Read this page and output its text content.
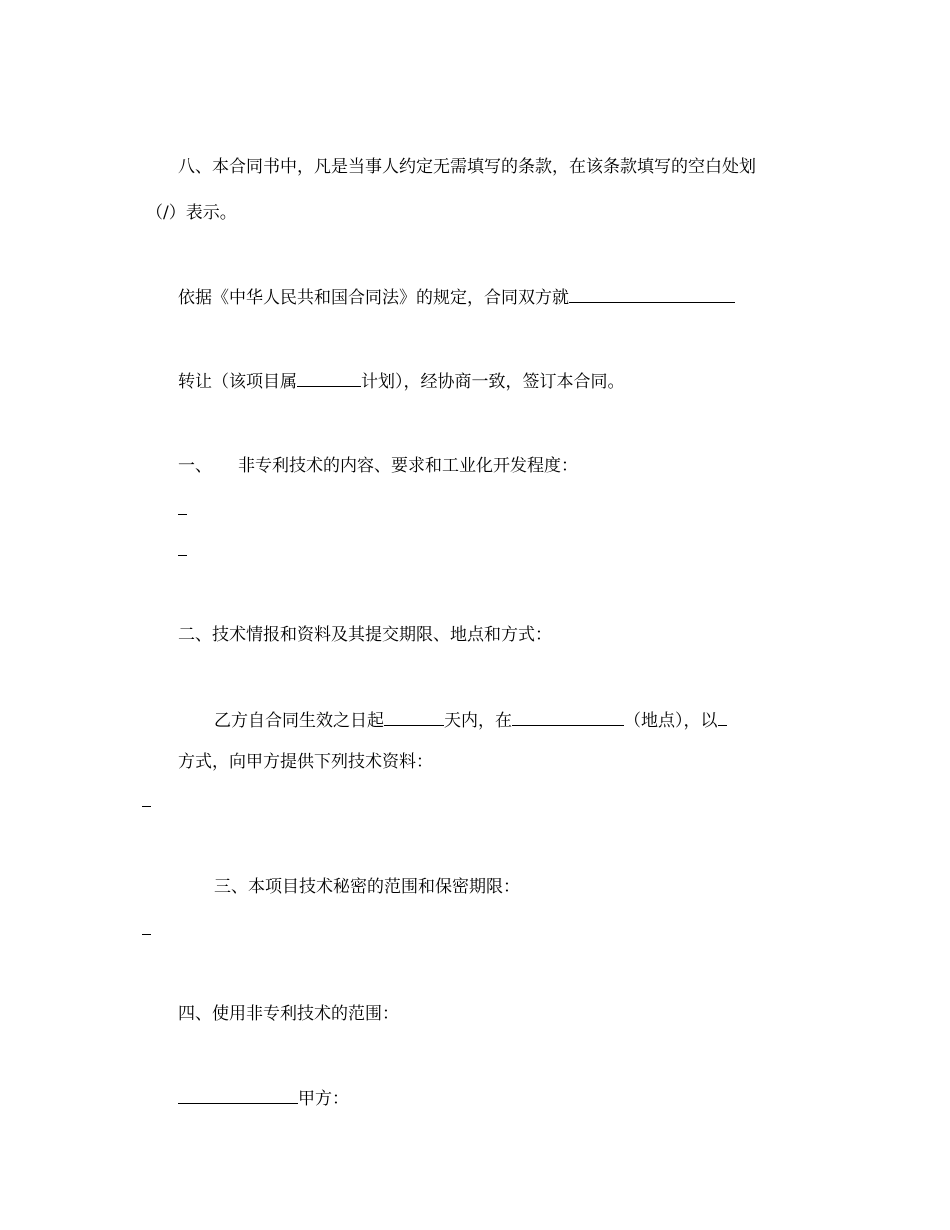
八、本合同书中，凡是当事人约定无需填写的条款，在该条款填写的空白处划
（/）表示。
依据《中华人民共和国合同法》的规定，合同双方就
转让（该项目属	计划），经协商一致，签订本合同。
一、 非专利技术的内容、要求和工业化开发程度：
二、技术情报和资料及其提交期限、地点和方式：
乙方自合同生效之日起	天内，在	（地点），以
方式，向甲方提供下列技术资料：
三、本项目技术秘密的范围和保密期限：
四、使用非专利技术的范围：
甲方：
